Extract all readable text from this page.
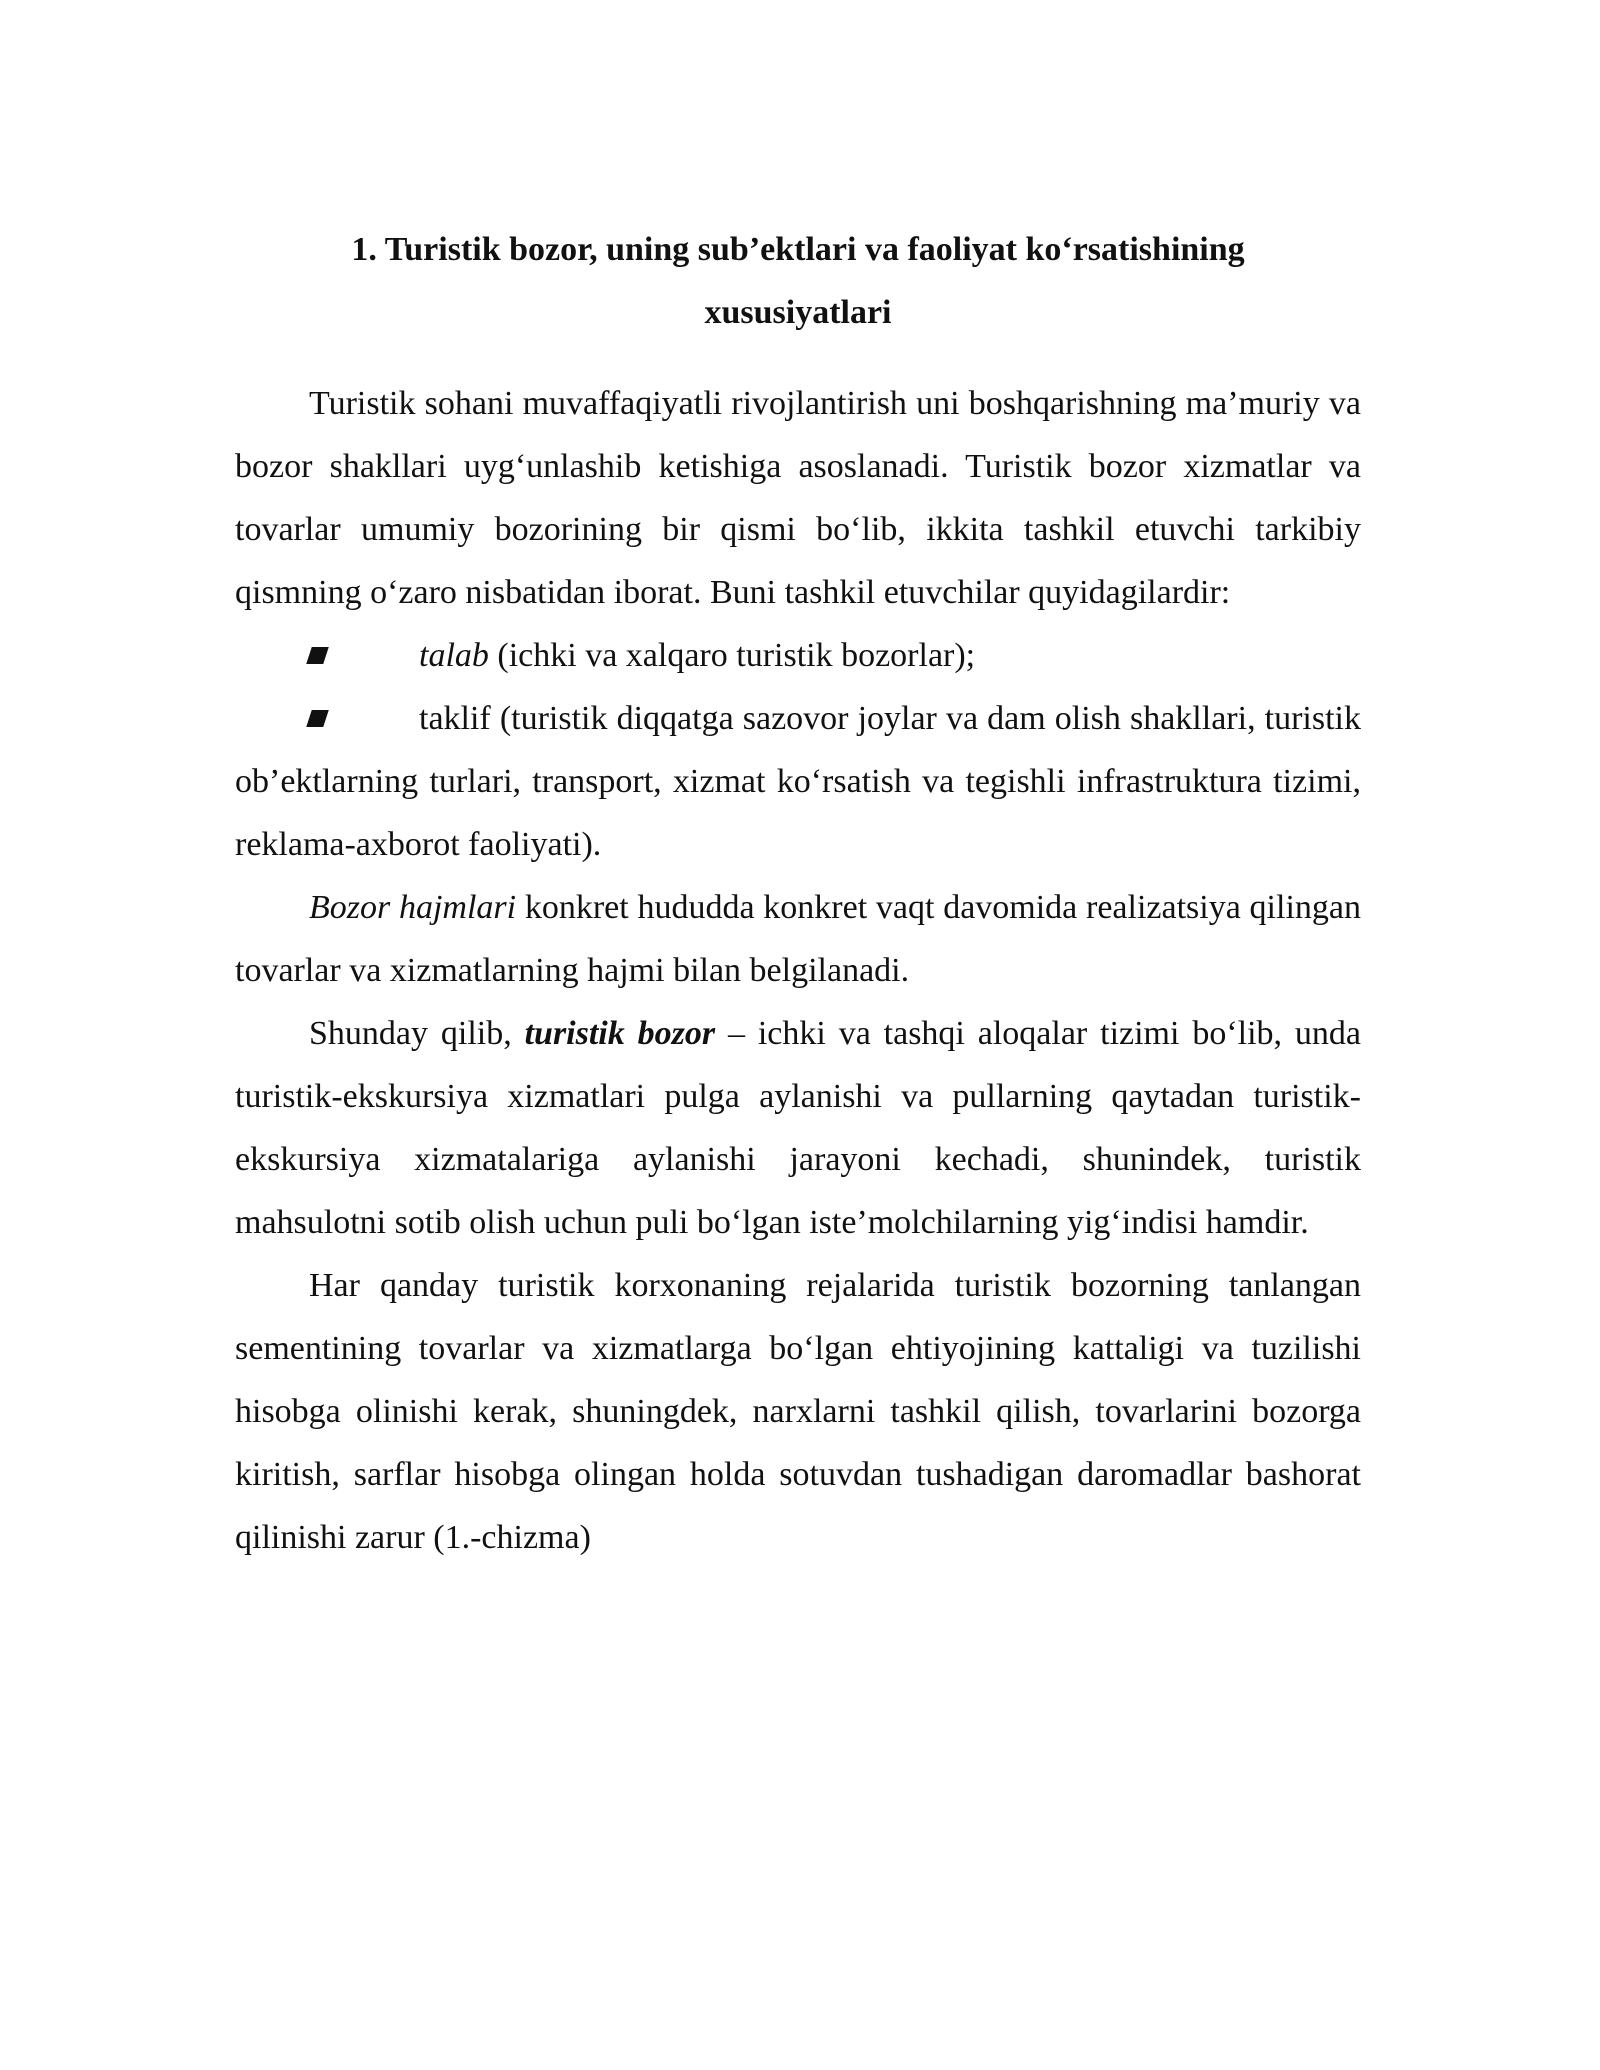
1. Turistik bozor, uning sub’ektlari va faoliyat ko‘rsatishining
xususiyatlari

Turistik sohani muvaffaqiyatli rivojlantirish uni boshqarishning ma’muriy va bozor shakllari uyg‘unlashib ketishiga asoslanadi. Turistik bozor xizmatlar va tovarlar umumiy bozorining bir qismi bo‘lib, ikkita tashkil etuvchi tarkibiy qismning o‘zaro nisbatidan iborat. Buni tashkil etuvchilar quyidagilardir:

talab (ichki va xalqaro turistik bozorlar);

taklif (turistik diqqatga sazovor joylar va dam olish shakllari, turistik ob’ektlarning turlari, transport, xizmat ko‘rsatish va tegishli infrastruktura tizimi, reklama-axborot faoliyati).

Bozor hajmlari konkret hududda konkret vaqt davomida realizatsiya qilingan tovarlar va xizmatlarning hajmi bilan belgilanadi.

Shunday qilib, turistik bozor – ichki va tashqi aloqalar tizimi bo‘lib, unda turistik-ekskursiya xizmatlari pulga aylanishi va pullarning qaytadan turistik-ekskursiya xizmatalariga aylanishi jarayoni kechadi, shunindek, turistik mahsulotni sotib olish uchun puli bo‘lgan iste’molchilarning yig‘indisi hamdir.

Har qanday turistik korxonaning rejalarida turistik bozorning tanlangan sementining tovarlar va xizmatlarga bo‘lgan ehtiyojining kattaligi va tuzilishi hisobga olinishi kerak, shuningdek, narxlarni tashkil qilish, tovarlarini bozorga kiritish, sarflar hisobga olingan holda sotuvdan tushadigan daromadlar bashorat qilinishi zarur (1.-chizma)
